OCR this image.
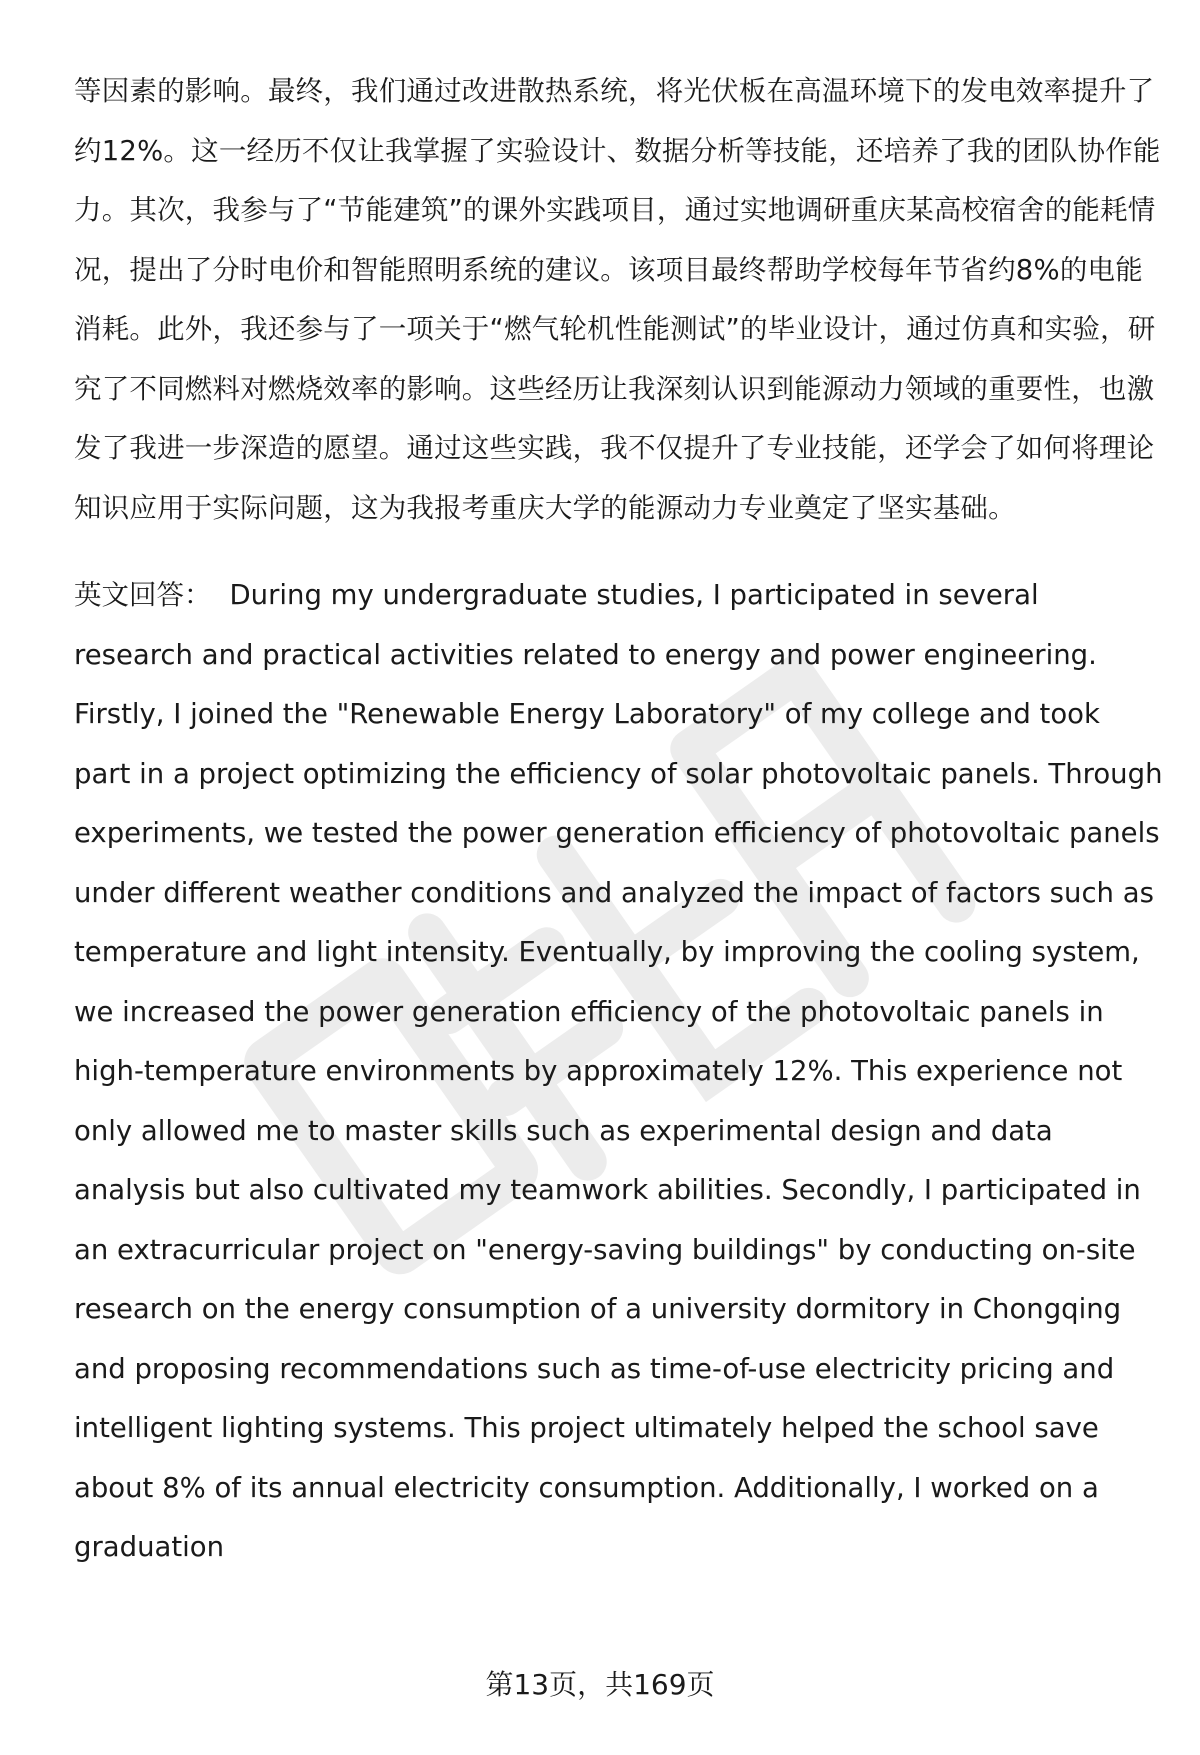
等因素的影响。最终，我们通过改进散热系统，将光伏板在高温环境下的发电效率提升了约12%。这一经历不仅让我掌握了实验设计、数据分析等技能，还培养了我的团队协作能力。其次，我参与了“节能建筑”的课外实践项目，通过实地调研重庆某高校宿舍的能耗情况，提出了分时电价和智能照明系统的建议。该项目最终帮助学校每年节省约8%的电能消耗。此外，我还参与了一项关于“燃气轮机性能测试”的毕业设计，通过仿真和实验，研究了不同燃料对燃烧效率的影响。这些经历让我深刻认识到能源动力领域的重要性，也激发了我进一步深造的愿望。通过这些实践，我不仅提升了专业技能，还学会了如何将理论知识应用于实际问题，这为我报考重庆大学的能源动力专业奠定了坚实基础。

英文回答： During my undergraduate studies, I participated in several research and practical activities related to energy and power engineering. Firstly, I joined the "Renewable Energy Laboratory" of my college and took part in a project optimizing the efficiency of solar photovoltaic panels. Through experiments, we tested the power generation efficiency of photovoltaic panels under different weather conditions and analyzed the impact of factors such as temperature and light intensity. Eventually, by improving the cooling system, we increased the power generation efficiency of the photovoltaic panels in high-temperature environments by approximately 12%. This experience not only allowed me to master skills such as experimental design and data analysis but also cultivated my teamwork abilities. Secondly, I participated in an extracurricular project on "energy-saving buildings" by conducting on-site research on the energy consumption of a university dormitory in Chongqing and proposing recommendations such as time-of-use electricity pricing and intelligent lighting systems. This project ultimately helped the school save about 8% of its annual electricity consumption. Additionally, I worked on a graduation

第13页，共169页
